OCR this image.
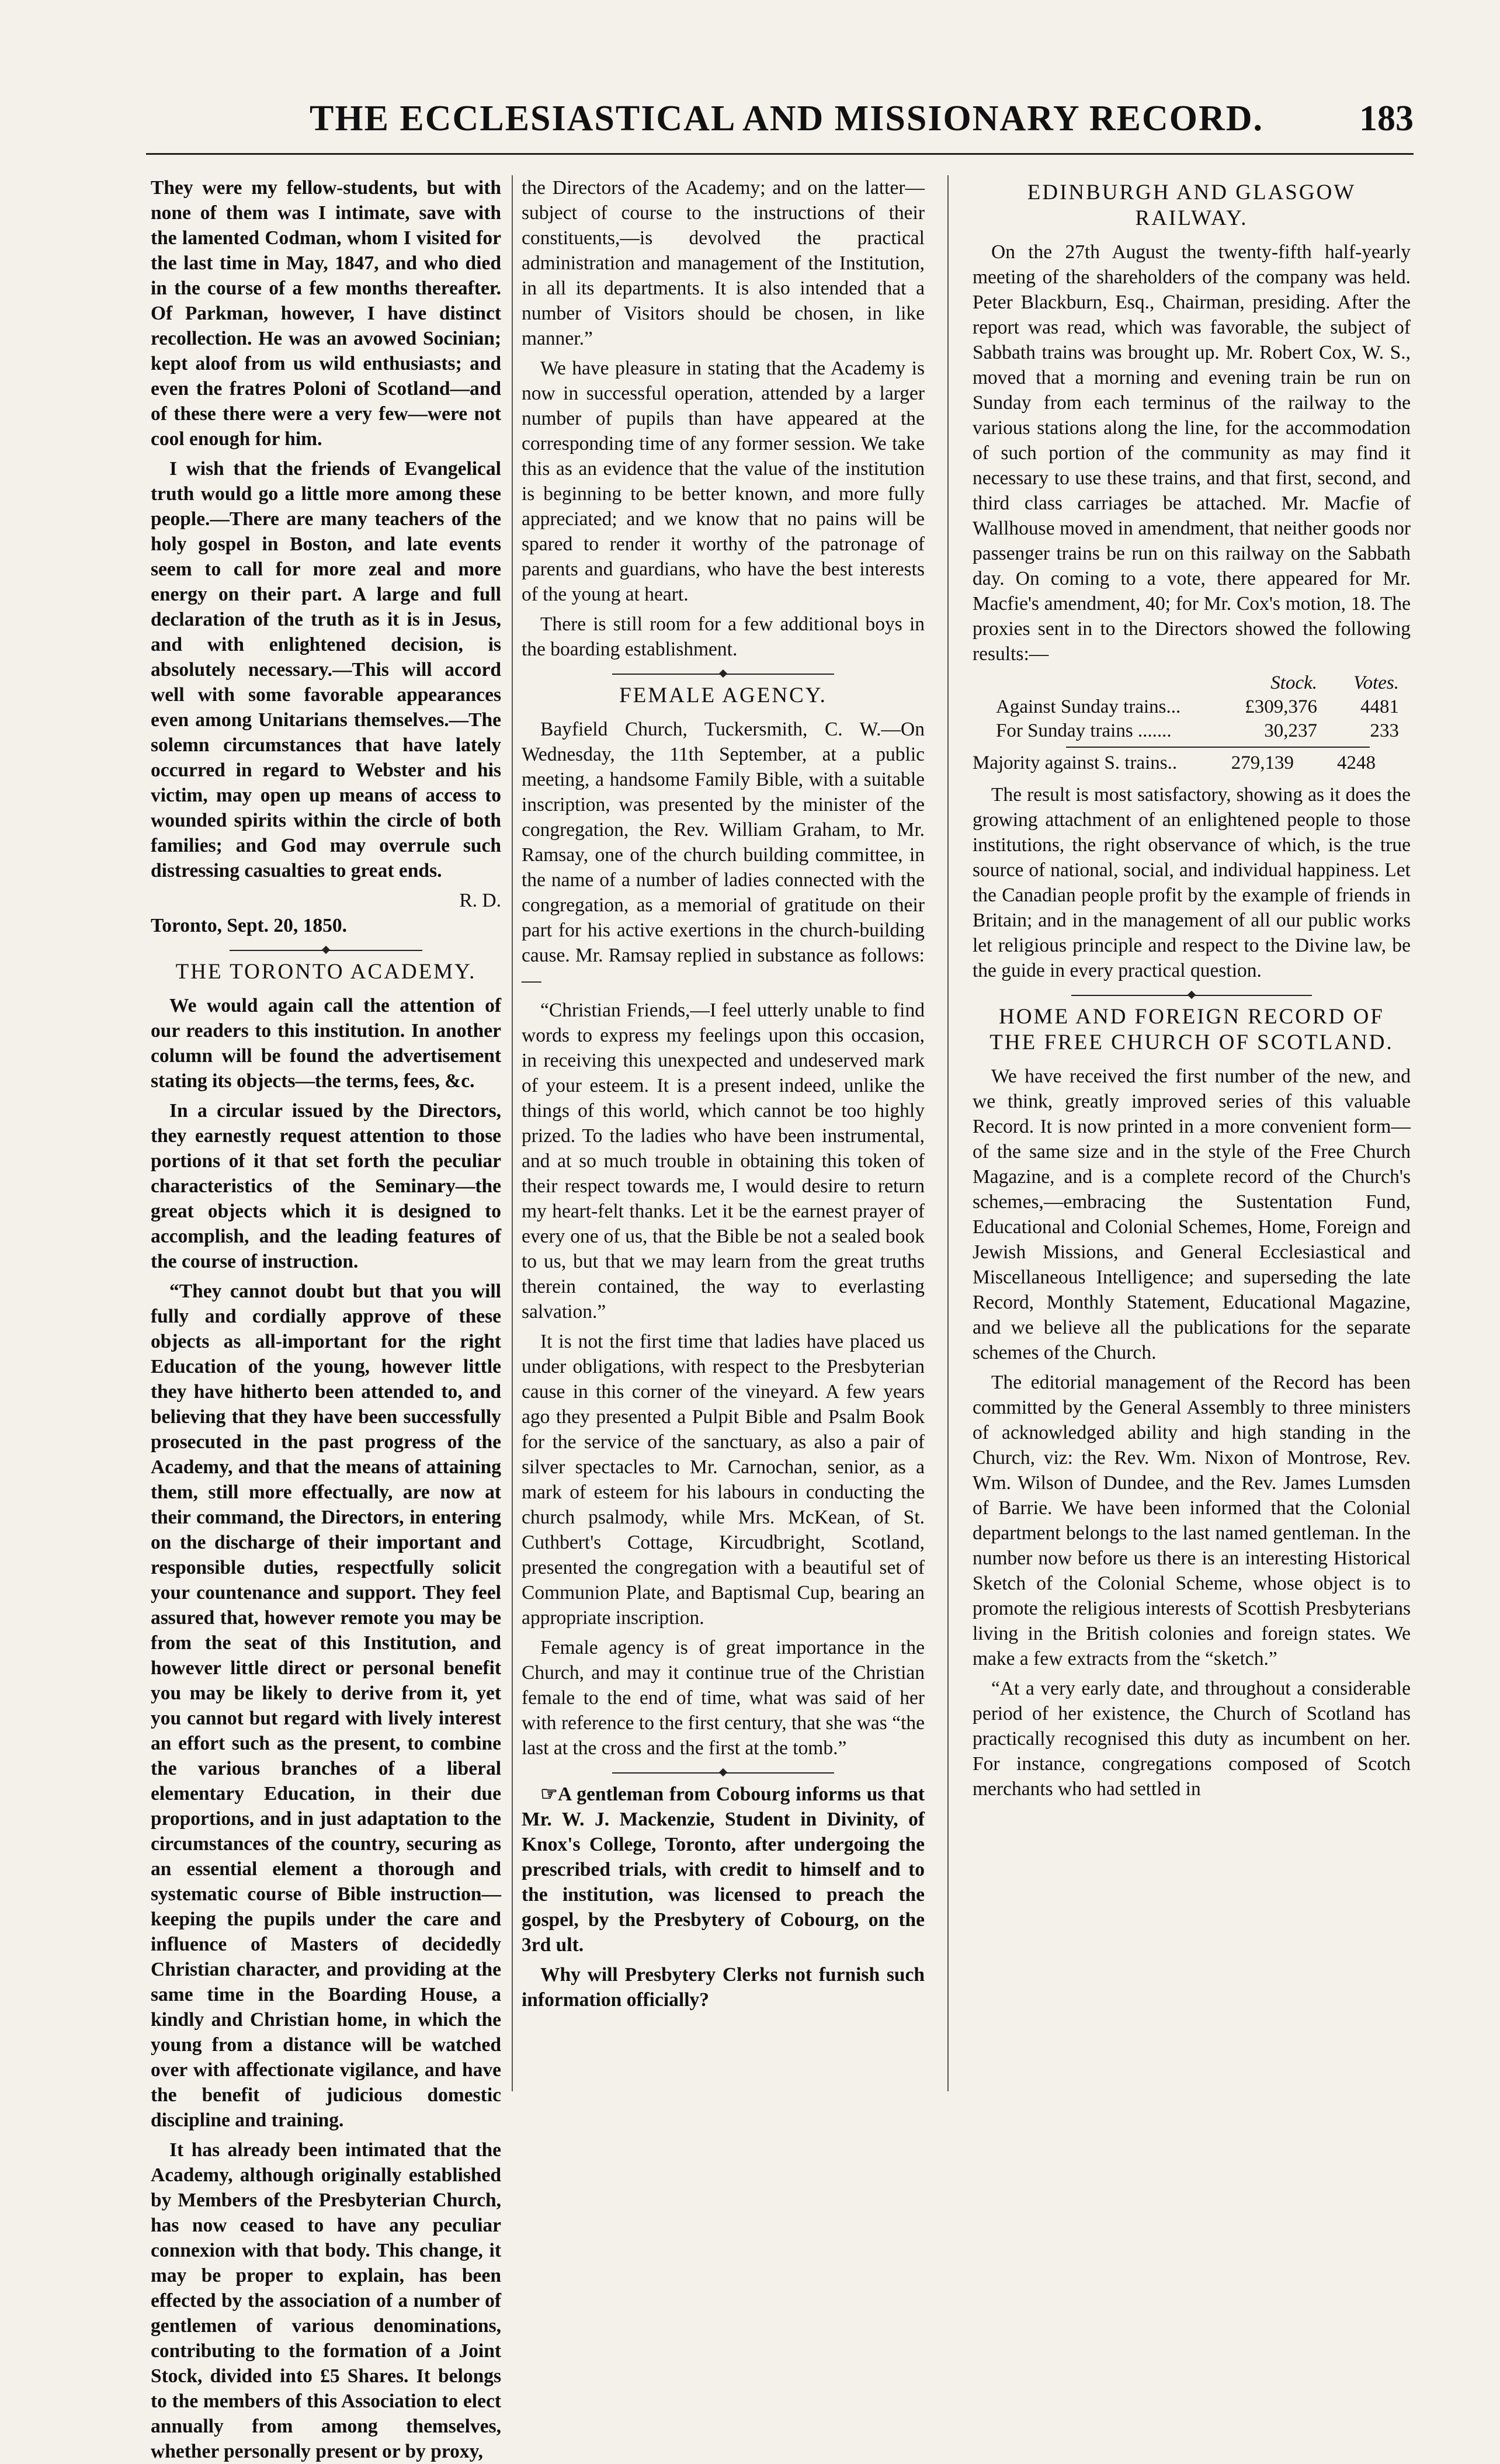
THE ECCLESIASTICAL AND MISSIONARY RECORD.	183

They were my fellow-students, but with none of them was I intimate, save with the lamented Codman, whom I visited for the last time in May, 1847, and who died in the course of a few months thereafter. Of Parkman, however, I have distinct recollection. He was an avowed Socinian; kept aloof from us wild enthusiasts; and even the fratres Poloni of Scotland—and of these there were a very few—were not cool enough for him.

I wish that the friends of Evangelical truth would go a little more among these people.—There are many teachers of the holy gospel in Boston, and late events seem to call for more zeal and more energy on their part. A large and full declaration of the truth as it is in Jesus, and with enlightened decision, is absolutely necessary.—This will accord well with some favorable appearances even among Unitarians themselves.—The solemn circumstances that have lately occurred in regard to Webster and his victim, may open up means of access to wounded spirits within the circle of both families; and God may overrule such distressing casualties to great ends.

R. D.

Toronto, Sept. 20, 1850.

THE TORONTO ACADEMY.

We would again call the attention of our readers to this institution. In another column will be found the advertisement stating its objects—the terms, fees, &c.

In a circular issued by the Directors, they earnestly request attention to those portions of it that set forth the peculiar characteristics of the Seminary—the great objects which it is designed to accomplish, and the leading features of the course of instruction.

“They cannot doubt but that you will fully and cordially approve of these objects as all-important for the right Education of the young, however little they have hitherto been attended to, and believing that they have been successfully prosecuted in the past progress of the Academy, and that the means of attaining them, still more effectually, are now at their command, the Directors, in entering on the discharge of their important and responsible duties, respectfully solicit your countenance and support. They feel assured that, however remote you may be from the seat of this Institution, and however little direct or personal benefit you may be likely to derive from it, yet you cannot but regard with lively interest an effort such as the present, to combine the various branches of a liberal elementary Education, in their due proportions, and in just adaptation to the circumstances of the country, securing as an essential element a thorough and systematic course of Bible instruction—keeping the pupils under the care and influence of Masters of decidedly Christian character, and providing at the same time in the Boarding House, a kindly and Christian home, in which the young from a distance will be watched over with affectionate vigilance, and have the benefit of judicious domestic discipline and training.

It has already been intimated that the Academy, although originally established by Members of the Presbyterian Church, has now ceased to have any peculiar connexion with that body. This change, it may be proper to explain, has been effected by the association of a number of gentlemen of various denominations, contributing to the formation of a Joint Stock, divided into £5 Shares. It belongs to the members of this Association to elect annually from among themselves, whether personally present or by proxy,

the Directors of the Academy; and on the latter—subject of course to the instructions of their constituents,—is devolved the practical administration and management of the Institution, in all its departments. It is also intended that a number of Visitors should be chosen, in like manner.”

We have pleasure in stating that the Academy is now in successful operation, attended by a larger number of pupils than have appeared at the corresponding time of any former session. We take this as an evidence that the value of the institution is beginning to be better known, and more fully appreciated; and we know that no pains will be spared to render it worthy of the patronage of parents and guardians, who have the best interests of the young at heart.

There is still room for a few additional boys in the boarding establishment.

FEMALE AGENCY.

Bayfield Church, Tuckersmith, C. W.—On Wednesday, the 11th September, at a public meeting, a handsome Family Bible, with a suitable inscription, was presented by the minister of the congregation, the Rev. William Graham, to Mr. Ramsay, one of the church building committee, in the name of a number of ladies connected with the congregation, as a memorial of gratitude on their part for his active exertions in the church-building cause. Mr. Ramsay replied in substance as follows:—

“Christian Friends,—I feel utterly unable to find words to express my feelings upon this occasion, in receiving this unexpected and undeserved mark of your esteem. It is a present indeed, unlike the things of this world, which cannot be too highly prized. To the ladies who have been instrumental, and at so much trouble in obtaining this token of their respect towards me, I would desire to return my heart-felt thanks. Let it be the earnest prayer of every one of us, that the Bible be not a sealed book to us, but that we may learn from the great truths therein contained, the way to everlasting salvation.”

It is not the first time that ladies have placed us under obligations, with respect to the Presbyterian cause in this corner of the vineyard. A few years ago they presented a Pulpit Bible and Psalm Book for the service of the sanctuary, as also a pair of silver spectacles to Mr. Carnochan, senior, as a mark of esteem for his labours in conducting the church psalmody, while Mrs. McKean, of St. Cuthbert's Cottage, Kircudbright, Scotland, presented the congregation with a beautiful set of Communion Plate, and Baptismal Cup, bearing an appropriate inscription.

Female agency is of great importance in the Church, and may it continue true of the Christian female to the end of time, what was said of her with reference to the first century, that she was “the last at the cross and the first at the tomb.”

☞A gentleman from Cobourg informs us that Mr. W. J. Mackenzie, Student in Divinity, of Knox's College, Toronto, after undergoing the prescribed trials, with credit to himself and to the institution, was licensed to preach the gospel, by the Presbytery of Cobourg, on the 3rd ult.

Why will Presbytery Clerks not furnish such information officially?

EDINBURGH AND GLASGOW RAILWAY.

On the 27th August the twenty-fifth half-yearly meeting of the shareholders of the company was held. Peter Blackburn, Esq., Chairman, presiding. After the report was read, which was favorable, the subject of Sabbath trains was brought up. Mr. Robert Cox, W. S., moved that a morning and evening train be run on Sunday from each terminus of the railway to the various stations along the line, for the accommodation of such portion of the community as may find it necessary to use these trains, and that first, second, and third class carriages be attached. Mr. Macfie of Wallhouse moved in amendment, that neither goods nor passenger trains be run on this railway on the Sabbath day. On coming to a vote, there appeared for Mr. Macfie's amendment, 40; for Mr. Cox's motion, 18. The proxies sent in to the Directors showed the following results:—

Stock.	Votes.
Against Sunday trains...	£309,376	4481
For Sunday trains .......	30,237	233
Majority against S. trains..	279,139	4248

The result is most satisfactory, showing as it does the growing attachment of an enlightened people to those institutions, the right observance of which, is the true source of national, social, and individual happiness. Let the Canadian people profit by the example of friends in Britain; and in the management of all our public works let religious principle and respect to the Divine law, be the guide in every practical question.

HOME AND FOREIGN RECORD OF THE FREE CHURCH OF SCOTLAND.

We have received the first number of the new, and we think, greatly improved series of this valuable Record. It is now printed in a more convenient form—of the same size and in the style of the Free Church Magazine, and is a complete record of the Church's schemes,—embracing the Sustentation Fund, Educational and Colonial Schemes, Home, Foreign and Jewish Missions, and General Ecclesiastical and Miscellaneous Intelligence; and superseding the late Record, Monthly Statement, Educational Magazine, and we believe all the publications for the separate schemes of the Church.

The editorial management of the Record has been committed by the General Assembly to three ministers of acknowledged ability and high standing in the Church, viz: the Rev. Wm. Nixon of Montrose, Rev. Wm. Wilson of Dundee, and the Rev. James Lumsden of Barrie. We have been informed that the Colonial department belongs to the last named gentleman. In the number now before us there is an interesting Historical Sketch of the Colonial Scheme, whose object is to promote the religious interests of Scottish Presbyterians living in the British colonies and foreign states. We make a few extracts from the “sketch.”

“At a very early date, and throughout a considerable period of her existence, the Church of Scotland has practically recognised this duty as incumbent on her. For instance, congregations composed of Scotch merchants who had settled in
